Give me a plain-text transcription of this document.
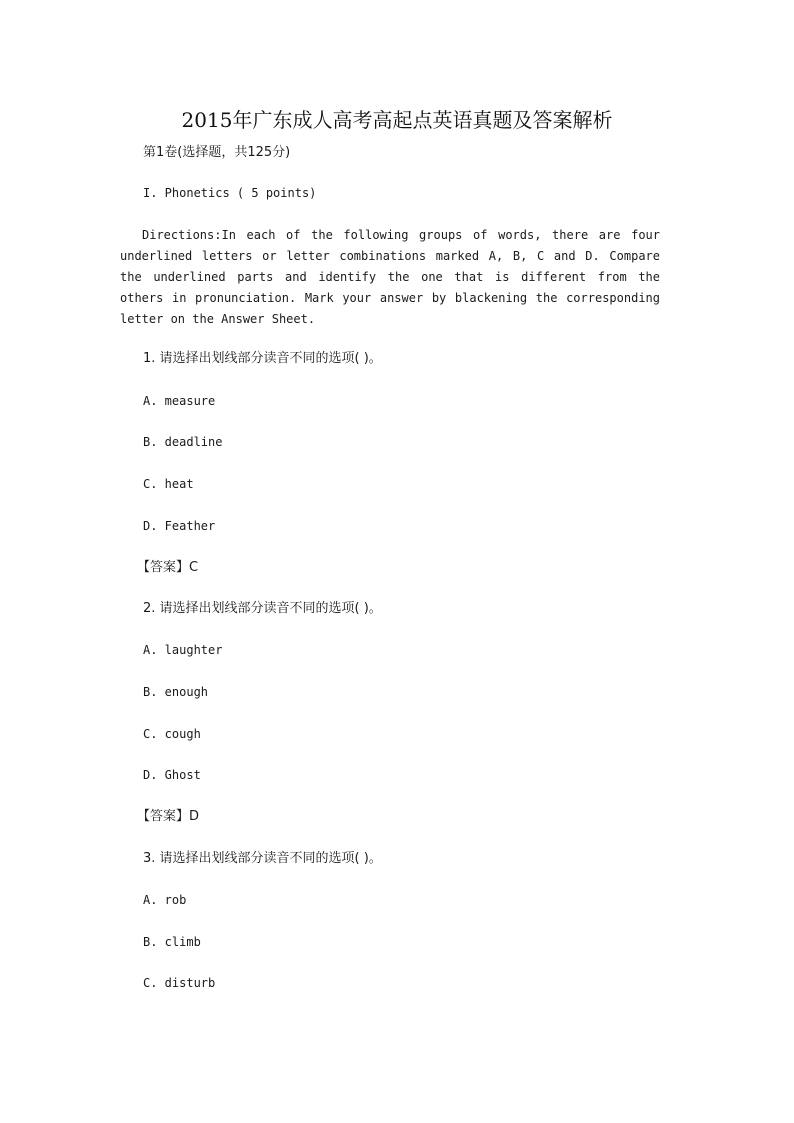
2015年广东成人高考高起点英语真题及答案解析
第1卷(选择题，共125分)
I. Phonetics ( 5 points)
Directions:In each of the following groups of words, there are four underlined letters or letter combinations marked A, B, C and D. Compare the underlined parts and identify the one that is different from the others in pronunciation. Mark your answer by blackening the corresponding letter on the Answer Sheet.
1. 请选择出划线部分读音不同的选项( )。
A. measure
B. deadline
C. heat
D. Feather
【答案】C
2. 请选择出划线部分读音不同的选项( )。
A. laughter
B. enough
C. cough
D. Ghost
【答案】D
3. 请选择出划线部分读音不同的选项( )。
A. rob
B. climb
C. disturb
